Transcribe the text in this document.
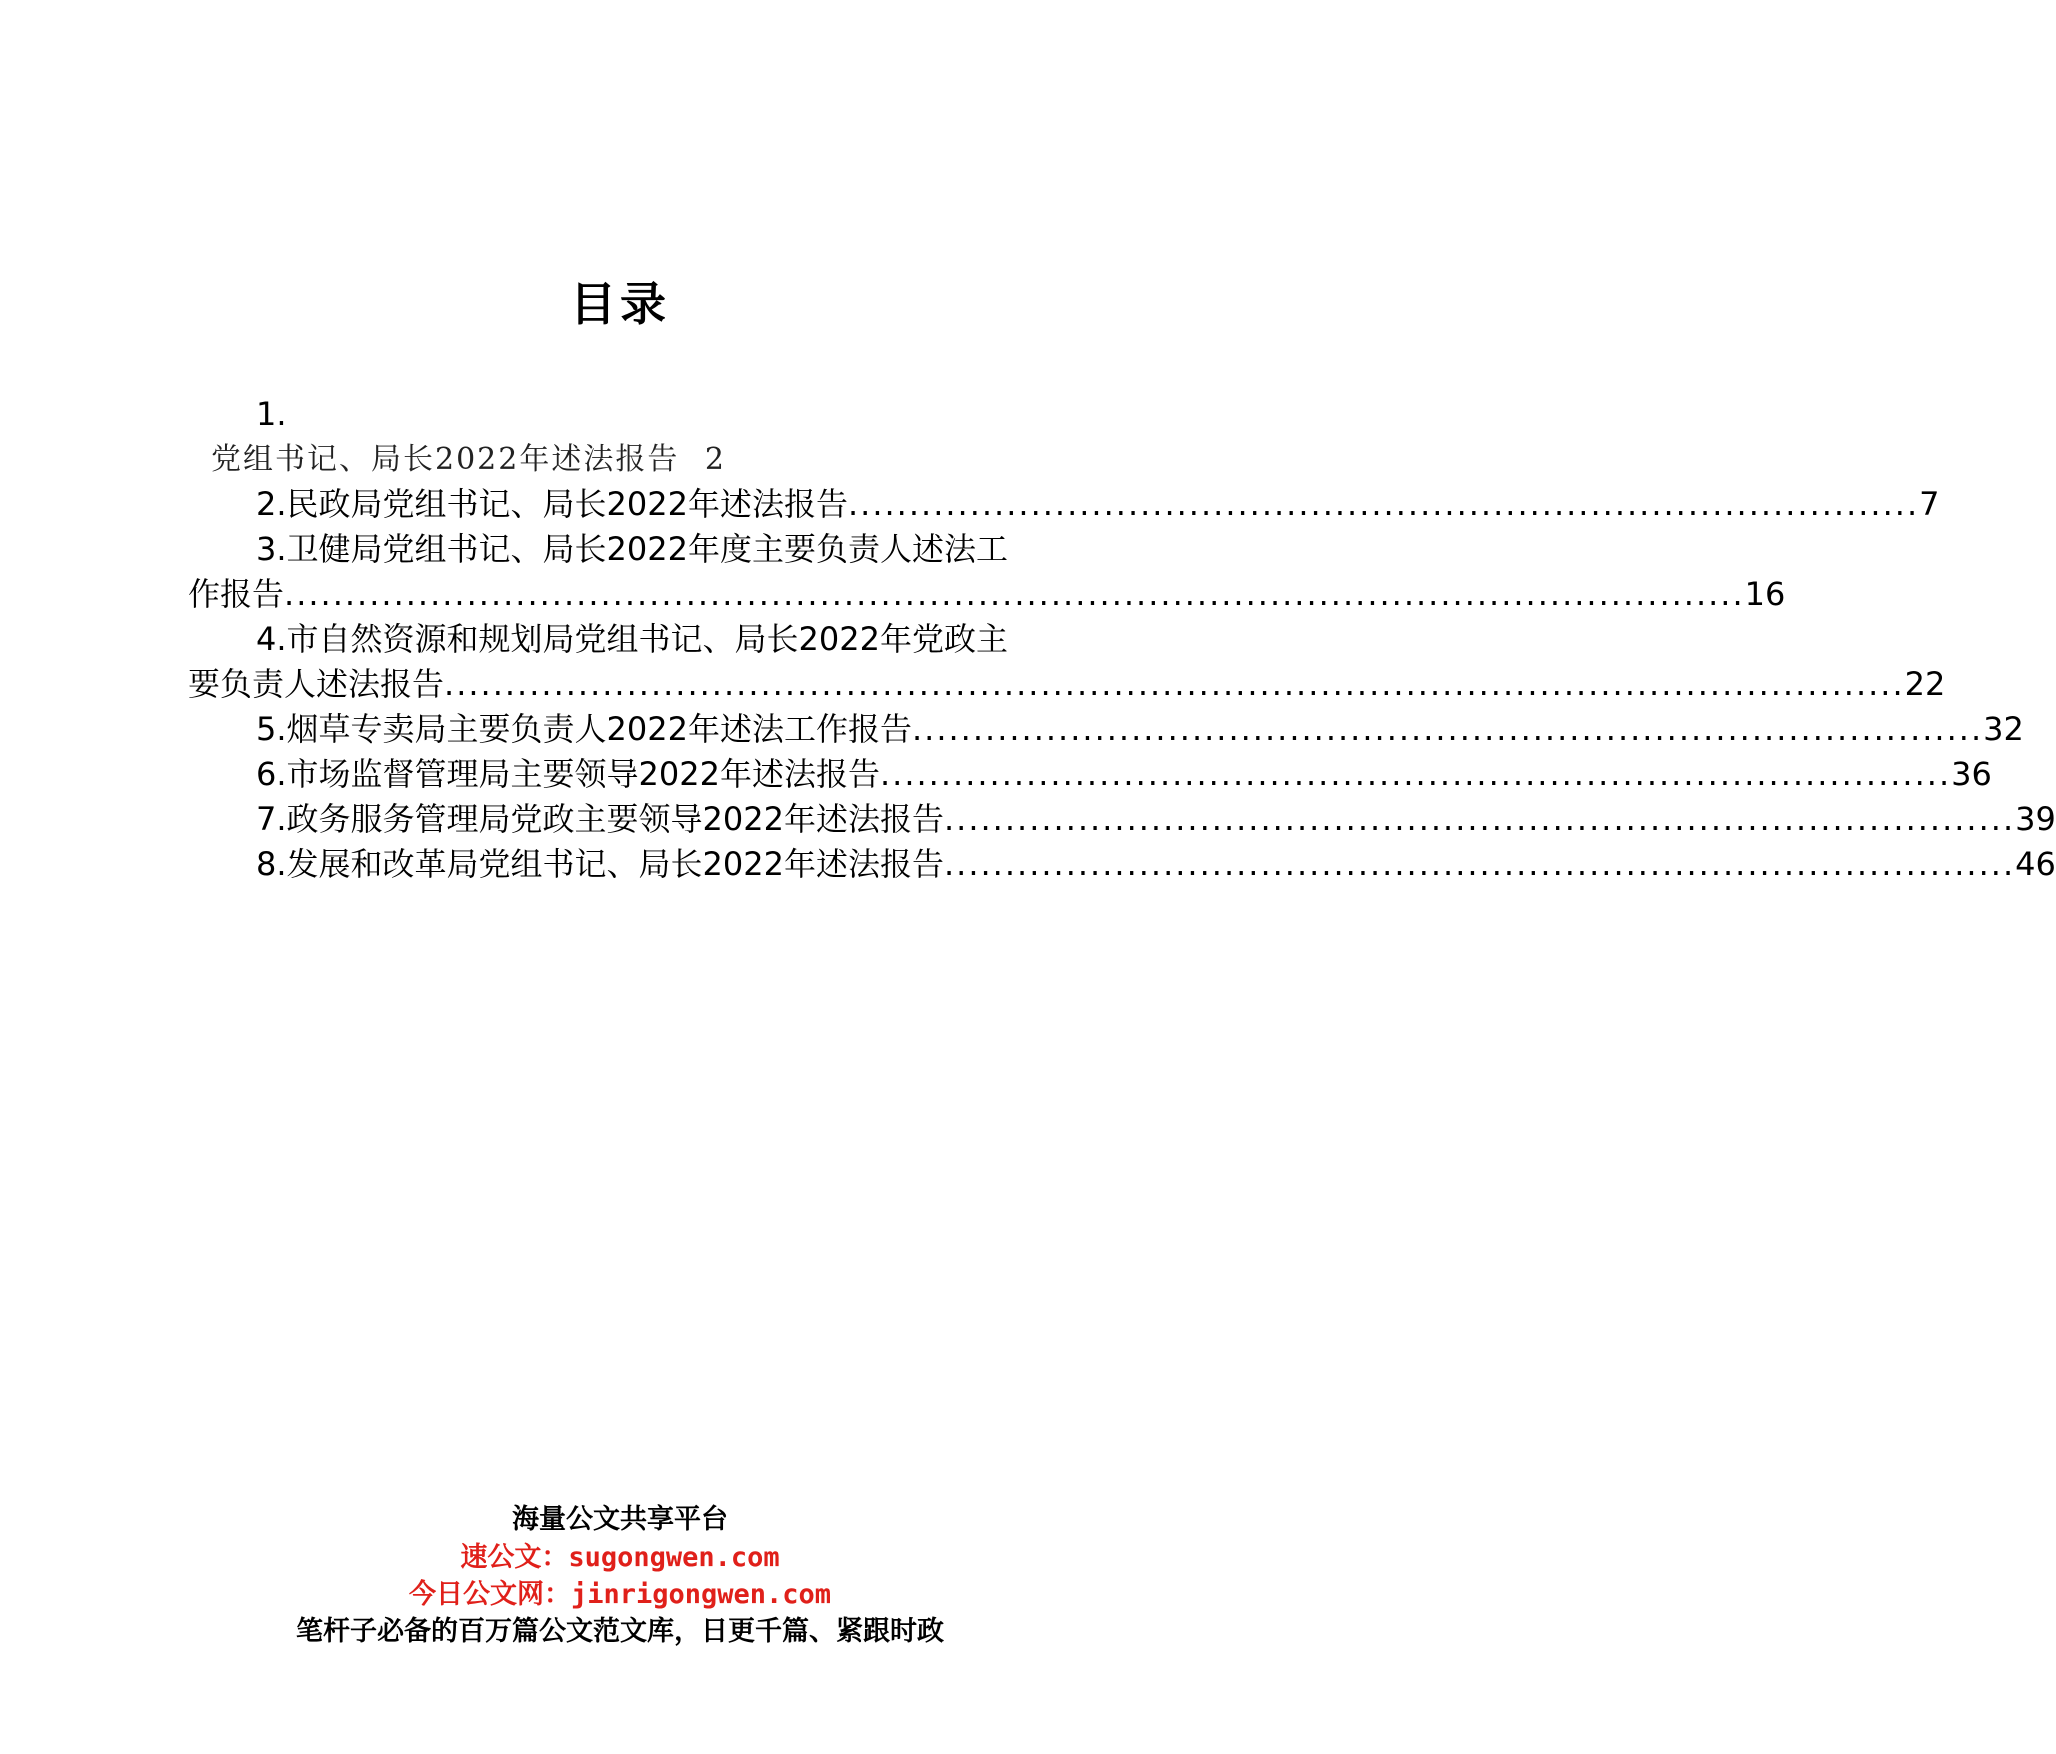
目录
1.
党组书记、局长2022年述法报告 2
2.民政局党组书记、局长2022年述法报告 ........................................................................................ 7
3.卫健局党组书记、局长2022年度主要负责人述法工
作报告 ........................................................................................................................ 16
4.市自然资源和规划局党组书记、局长2022年党政主
要负责人述法报告 ........................................................................................................................ 22
5.烟草专卖局主要负责人2022年述法工作报告 ........................................................................................ 32
6.市场监督管理局主要领导2022年述法报告 ........................................................................................ 36
7.政务服务管理局党政主要领导2022年述法报告 ........................................................................................ 39
8.发展和改革局党组书记、局长2022年述法报告 ........................................................................................ 46
海量公文共享平台
速公文：sugongwen.com
今日公文网：jinrigongwen.com
笔杆子必备的百万篇公文范文库，日更千篇、紧跟时政
